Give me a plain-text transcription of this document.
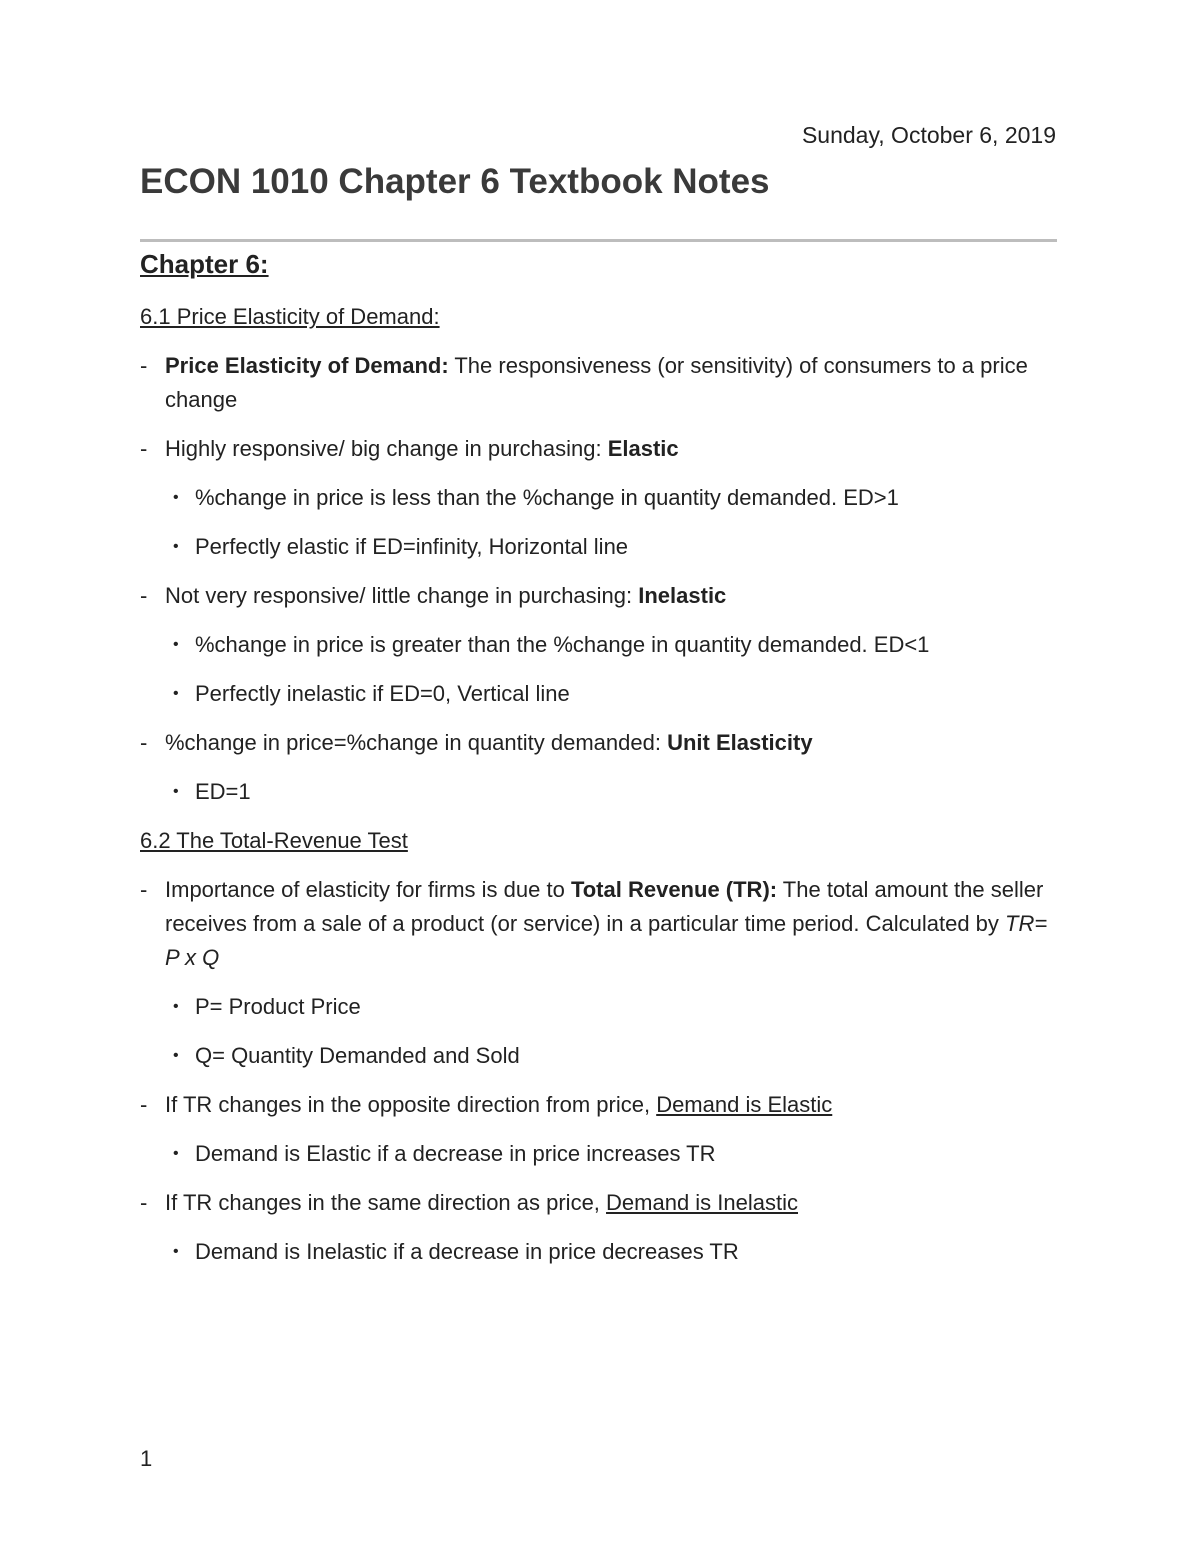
Sunday, October 6, 2019
ECON 1010 Chapter 6 Textbook Notes
Chapter 6:
6.1 Price Elasticity of Demand:
- Price Elasticity of Demand: The responsiveness (or sensitivity) of consumers to a price change
- Highly responsive/ big change in purchasing: Elastic
• %change in price is less than the %change in quantity demanded. ED>1
• Perfectly elastic if ED=infinity, Horizontal line
- Not very responsive/ little change in purchasing: Inelastic
• %change in price is greater than the %change in quantity demanded. ED<1
• Perfectly inelastic if ED=0, Vertical line
- %change in price=%change in quantity demanded: Unit Elasticity
• ED=1
6.2 The Total-Revenue Test
- Importance of elasticity for firms is due to Total Revenue (TR): The total amount the seller receives from a sale of a product (or service) in a particular time period. Calculated by TR= P x Q
• P= Product Price
• Q= Quantity Demanded and Sold
- If TR changes in the opposite direction from price, Demand is Elastic
• Demand is Elastic if a decrease in price increases TR
- If TR changes in the same direction as price, Demand is Inelastic
• Demand is Inelastic if a decrease in price decreases TR
1
